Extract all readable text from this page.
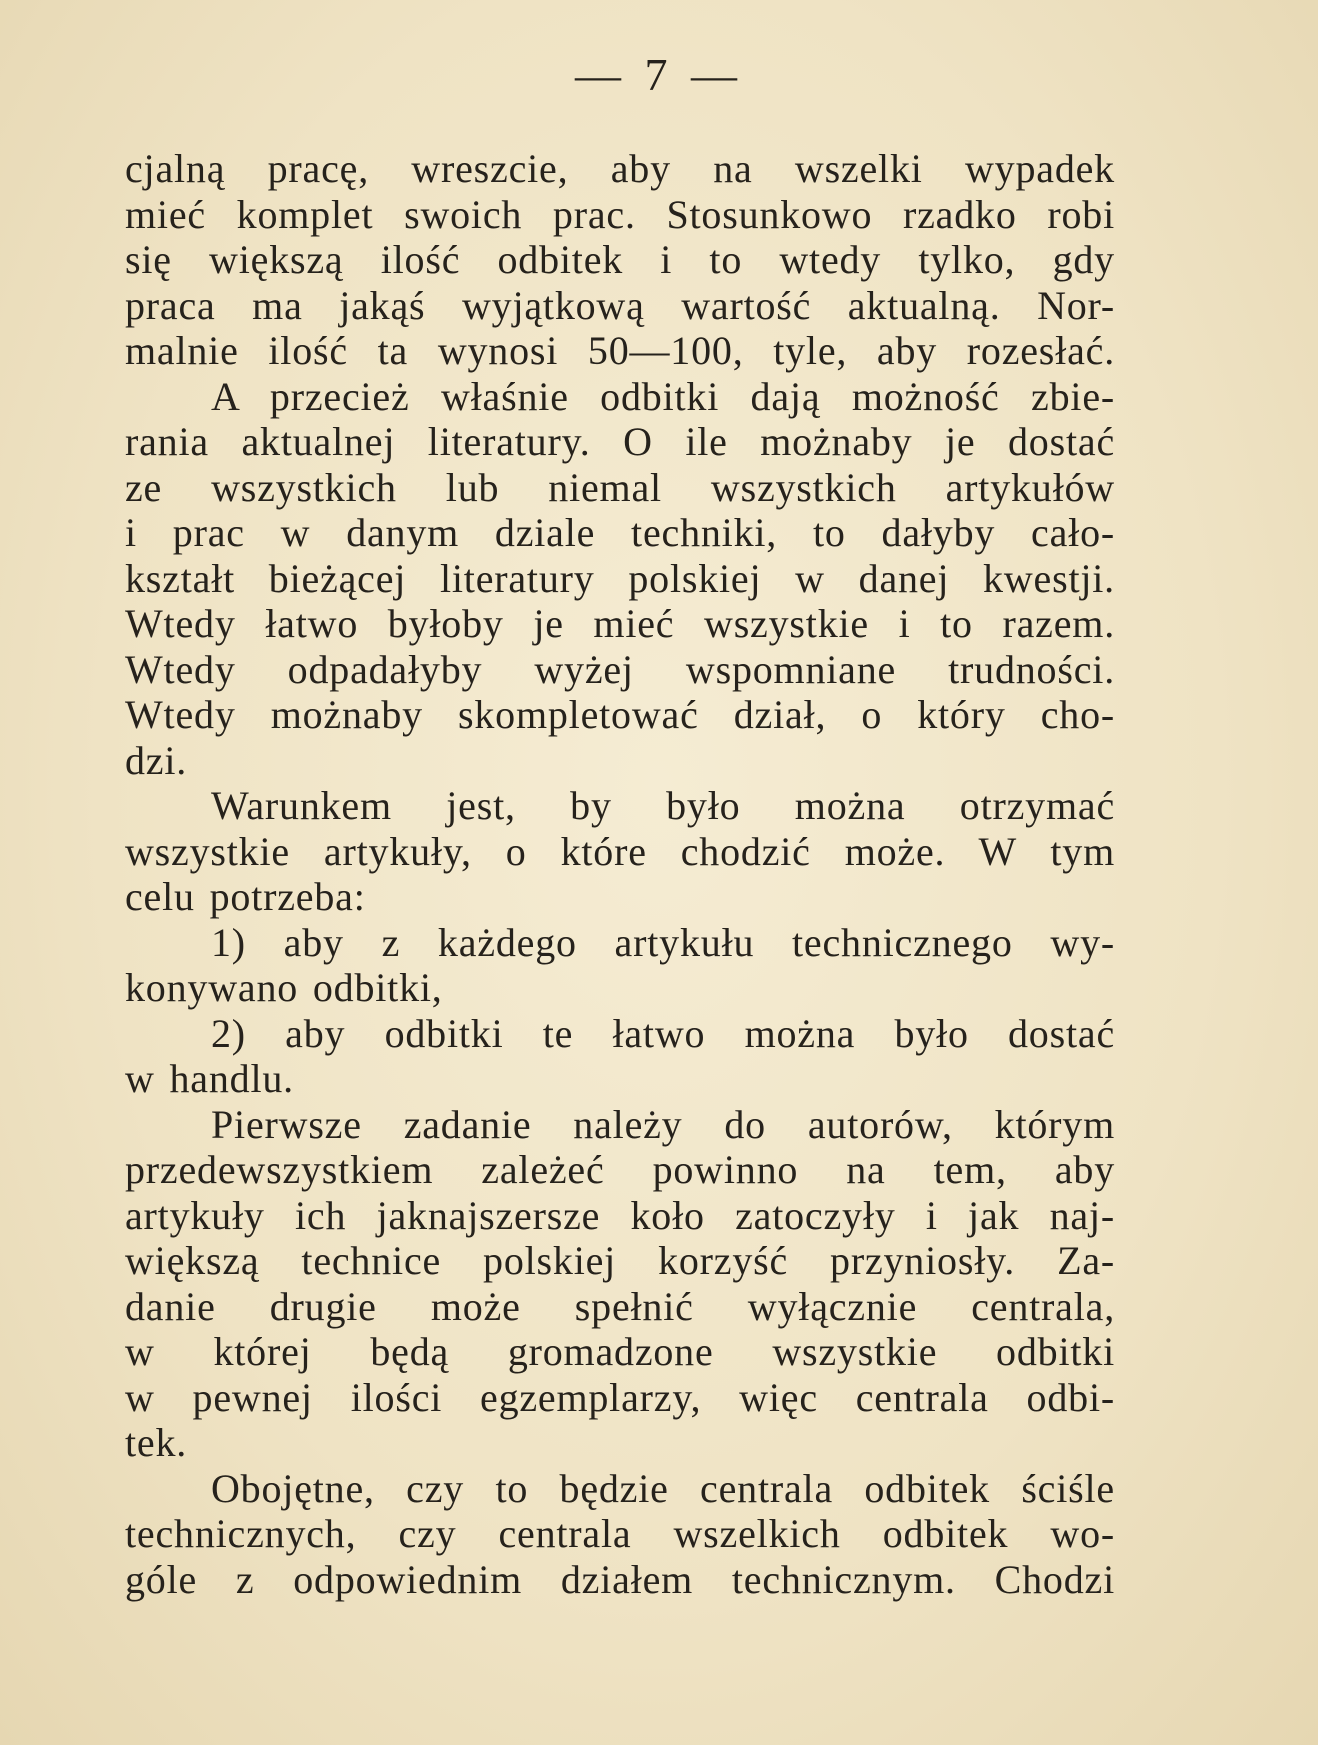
— 7 —
cjalną pracę, wreszcie, aby na wszelki wypadek
mieć komplet swoich prac. Stosunkowo rzadko robi
się większą ilość odbitek i to wtedy tylko, gdy
praca ma jakąś wyjątkową wartość aktualną. Nor-
malnie ilość ta wynosi 50—100, tyle, aby rozesłać.
A przecież właśnie odbitki dają możność zbie-
rania aktualnej literatury. O ile możnaby je dostać
ze wszystkich lub niemal wszystkich artykułów
i prac w danym dziale techniki, to dałyby cało-
kształt bieżącej literatury polskiej w danej kwestji.
Wtedy łatwo byłoby je mieć wszystkie i to razem.
Wtedy odpadałyby wyżej wspomniane trudności.
Wtedy możnaby skompletować dział, o który cho-
dzi.
Warunkem jest, by było można otrzymać
wszystkie artykuły, o które chodzić może. W tym
celu potrzeba:
1) aby z każdego artykułu technicznego wy-
konywano odbitki,
2) aby odbitki te łatwo można było dostać
w handlu.
Pierwsze zadanie należy do autorów, którym
przedewszystkiem zależeć powinno na tem, aby
artykuły ich jaknajszersze koło zatoczyły i jak naj-
większą technice polskiej korzyść przyniosły. Za-
danie drugie może spełnić wyłącznie centrala,
w której będą gromadzone wszystkie odbitki
w pewnej ilości egzemplarzy, więc centrala odbi-
tek.
Obojętne, czy to będzie centrala odbitek ściśle
technicznych, czy centrala wszelkich odbitek wo-
góle z odpowiednim działem technicznym. Chodzi
